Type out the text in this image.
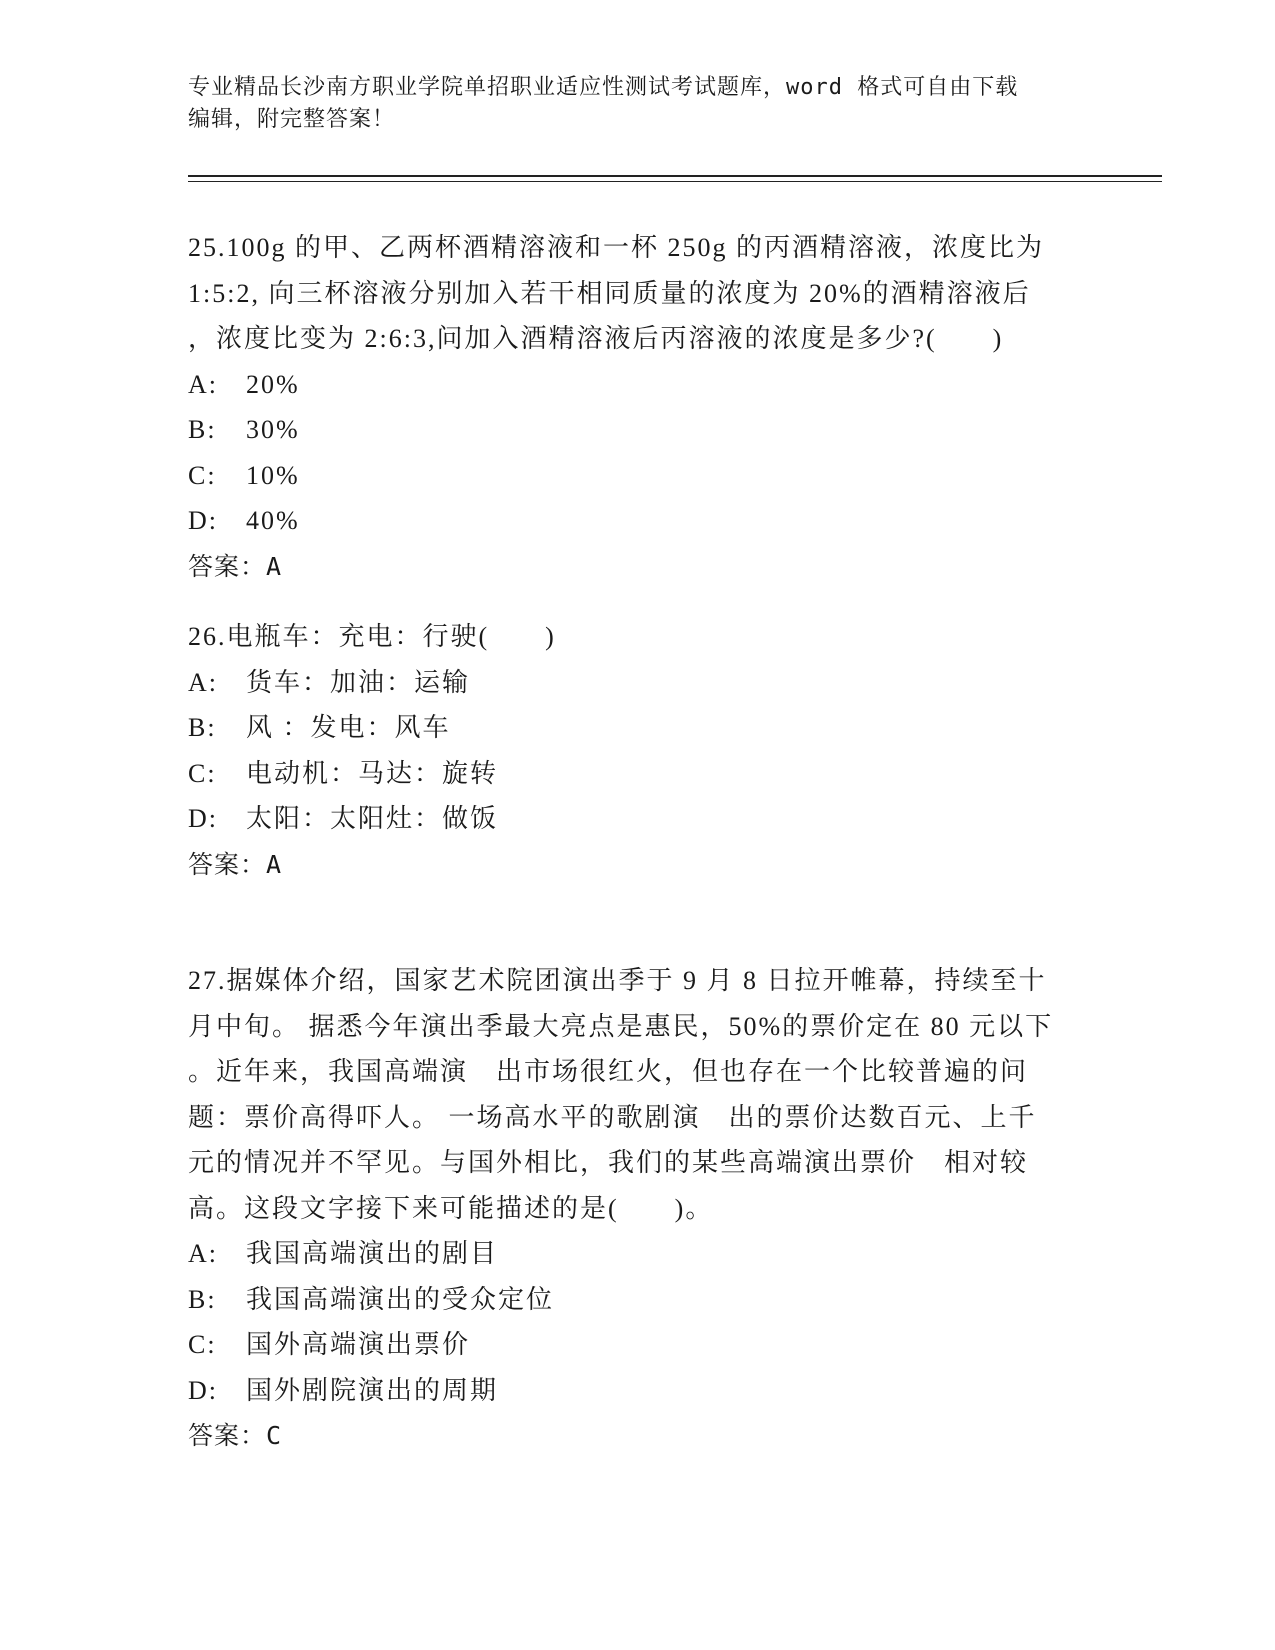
专业精品长沙南方职业学院单招职业适应性测试考试题库，word 格式可自由下载
编辑，附完整答案！
25.100g 的甲、乙两杯酒精溶液和一杯 250g 的丙酒精溶液，浓度比为
1:5:2, 向三杯溶液分别加入若干相同质量的浓度为 20%的酒精溶液后
，浓度比变为 2:6:3,问加入酒精溶液后丙溶液的浓度是多少?(　　)
A:	20%
B:	30%
C:	10%
D:	40%
答案：A
26.电瓶车：充电：行驶(　　)
A:	货车：加油：运输
B:	风 ：发电：风车
C:	电动机：马达：旋转
D:	太阳：太阳灶：做饭
答案：A
27.据媒体介绍，国家艺术院团演出季于 9 月 8 日拉开帷幕，持续至十
月中旬。 据悉今年演出季最大亮点是惠民，50%的票价定在 80 元以下
。近年来，我国高端演　出市场很红火，但也存在一个比较普遍的问
题：票价高得吓人。 一场高水平的歌剧演　出的票价达数百元、上千
元的情况并不罕见。与国外相比，我们的某些高端演出票价　相对较
高。这段文字接下来可能描述的是(　　)。
A:	我国高端演出的剧目
B:	我国高端演出的受众定位
C:	国外高端演出票价
D:	国外剧院演出的周期
答案：C
